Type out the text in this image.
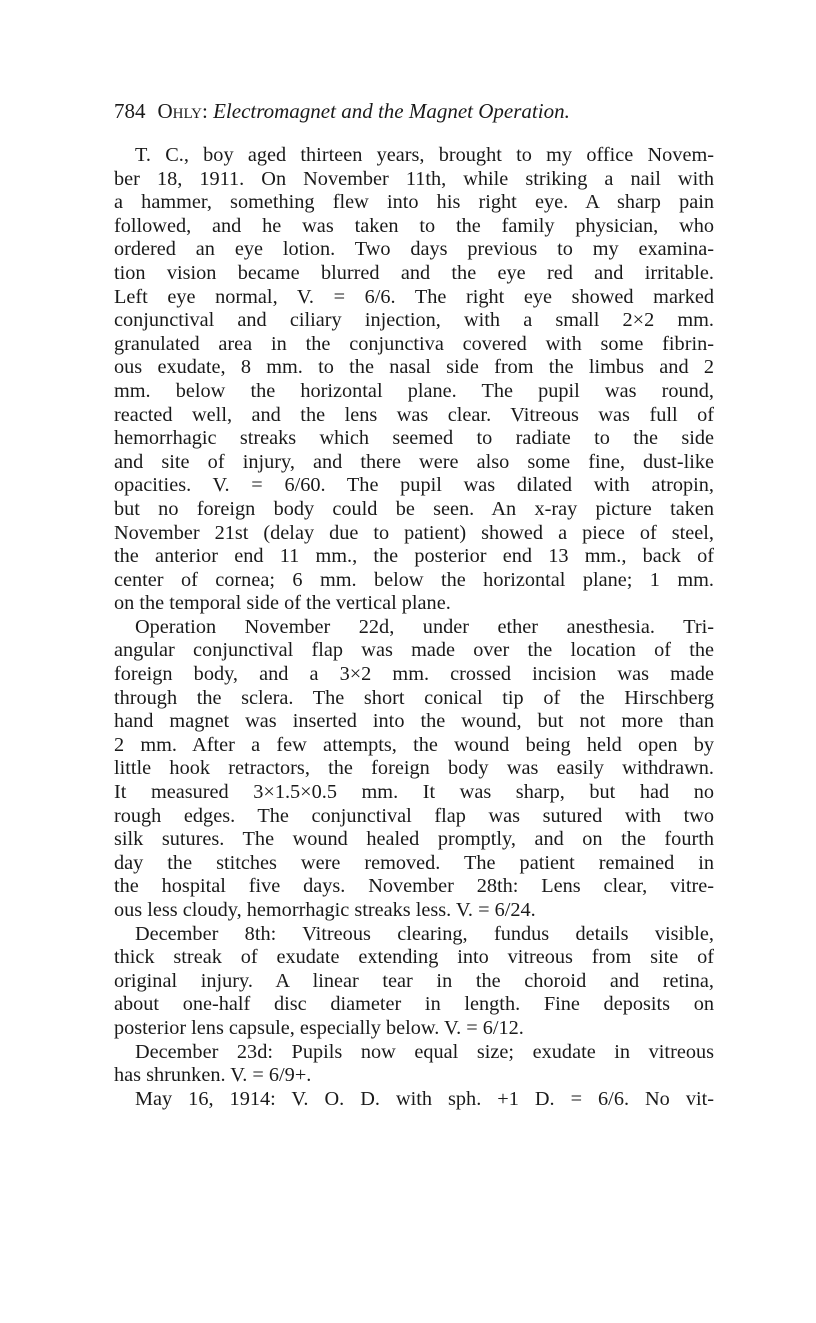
784 Ohly: Electromagnet and the Magnet Operation.
T. C., boy aged thirteen years, brought to my office Novem-
ber 18, 1911. On November 11th, while striking a nail with
a hammer, something flew into his right eye. A sharp pain
followed, and he was taken to the family physician, who
ordered an eye lotion. Two days previous to my examina-
tion vision became blurred and the eye red and irritable.
Left eye normal, V. = 6/6. The right eye showed marked
conjunctival and ciliary injection, with a small 2×2 mm.
granulated area in the conjunctiva covered with some fibrin-
ous exudate, 8 mm. to the nasal side from the limbus and 2
mm. below the horizontal plane. The pupil was round,
reacted well, and the lens was clear. Vitreous was full of
hemorrhagic streaks which seemed to radiate to the side
and site of injury, and there were also some fine, dust-like
opacities. V. = 6/60. The pupil was dilated with atropin,
but no foreign body could be seen. An x-ray picture taken
November 21st (delay due to patient) showed a piece of steel,
the anterior end 11 mm., the posterior end 13 mm., back of
center of cornea; 6 mm. below the horizontal plane; 1 mm.
on the temporal side of the vertical plane.
Operation November 22d, under ether anesthesia. Tri-
angular conjunctival flap was made over the location of the
foreign body, and a 3×2 mm. crossed incision was made
through the sclera. The short conical tip of the Hirschberg
hand magnet was inserted into the wound, but not more than
2 mm. After a few attempts, the wound being held open by
little hook retractors, the foreign body was easily withdrawn.
It measured 3×1.5×0.5 mm. It was sharp, but had no
rough edges. The conjunctival flap was sutured with two
silk sutures. The wound healed promptly, and on the fourth
day the stitches were removed. The patient remained in
the hospital five days. November 28th: Lens clear, vitre-
ous less cloudy, hemorrhagic streaks less. V. = 6/24.
December 8th: Vitreous clearing, fundus details visible,
thick streak of exudate extending into vitreous from site of
original injury. A linear tear in the choroid and retina,
about one-half disc diameter in length. Fine deposits on
posterior lens capsule, especially below. V. = 6/12.
December 23d: Pupils now equal size; exudate in vitreous
has shrunken. V. = 6/9+.
May 16, 1914: V. O. D. with sph. +1 D. = 6/6. No vit-
